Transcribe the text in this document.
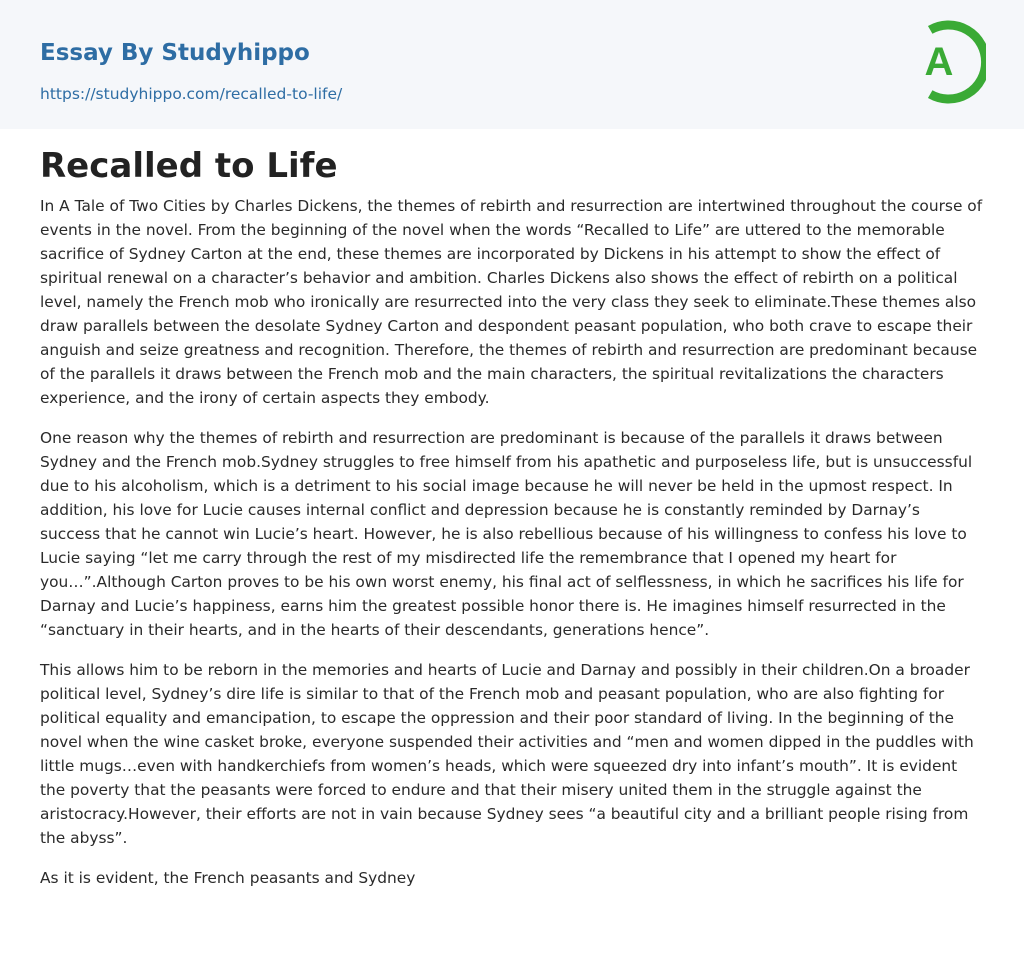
Essay By Studyhippo
https://studyhippo.com/recalled-to-life/
A
Recalled to Life

In A Tale of Two Cities by Charles Dickens, the themes of rebirth and resurrection are intertwined throughout the course of events in the novel. From the beginning of the novel when the words “Recalled to Life” are uttered to the memorable sacrifice of Sydney Carton at the end, these themes are incorporated by Dickens in his attempt to show the effect of spiritual renewal on a character’s behavior and ambition. Charles Dickens also shows the effect of rebirth on a political level, namely the French mob who ironically are resurrected into the very class they seek to eliminate.These themes also draw parallels between the desolate Sydney Carton and despondent peasant population, who both crave to escape their anguish and seize greatness and recognition. Therefore, the themes of rebirth and resurrection are predominant because of the parallels it draws between the French mob and the main characters, the spiritual revitalizations the characters experience, and the irony of certain aspects they embody.

One reason why the themes of rebirth and resurrection are predominant is because of the parallels it draws between Sydney and the French mob.Sydney struggles to free himself from his apathetic and purposeless life, but is unsuccessful due to his alcoholism, which is a detriment to his social image because he will never be held in the upmost respect. In addition, his love for Lucie causes internal conflict and depression because he is constantly reminded by Darnay’s success that he cannot win Lucie’s heart. However, he is also rebellious because of his willingness to confess his love to Lucie saying “let me carry through the rest of my misdirected life the remembrance that I opened my heart for you…”.Although Carton proves to be his own worst enemy, his final act of selflessness, in which he sacrifices his life for Darnay and Lucie’s happiness, earns him the greatest possible honor there is. He imagines himself resurrected in the “sanctuary in their hearts, and in the hearts of their descendants, generations hence”.

This allows him to be reborn in the memories and hearts of Lucie and Darnay and possibly in their children.On a broader political level, Sydney’s dire life is similar to that of the French mob and peasant population, who are also fighting for political equality and emancipation, to escape the oppression and their poor standard of living. In the beginning of the novel when the wine casket broke, everyone suspended their activities and “men and women dipped in the puddles with little mugs…even with handkerchiefs from women’s heads, which were squeezed dry into infant’s mouth”. It is evident the poverty that the peasants were forced to endure and that their misery united them in the struggle against the aristocracy.However, their efforts are not in vain because Sydney sees “a beautiful city and a brilliant people rising from the abyss”.

As it is evident, the French peasants and Sydney
